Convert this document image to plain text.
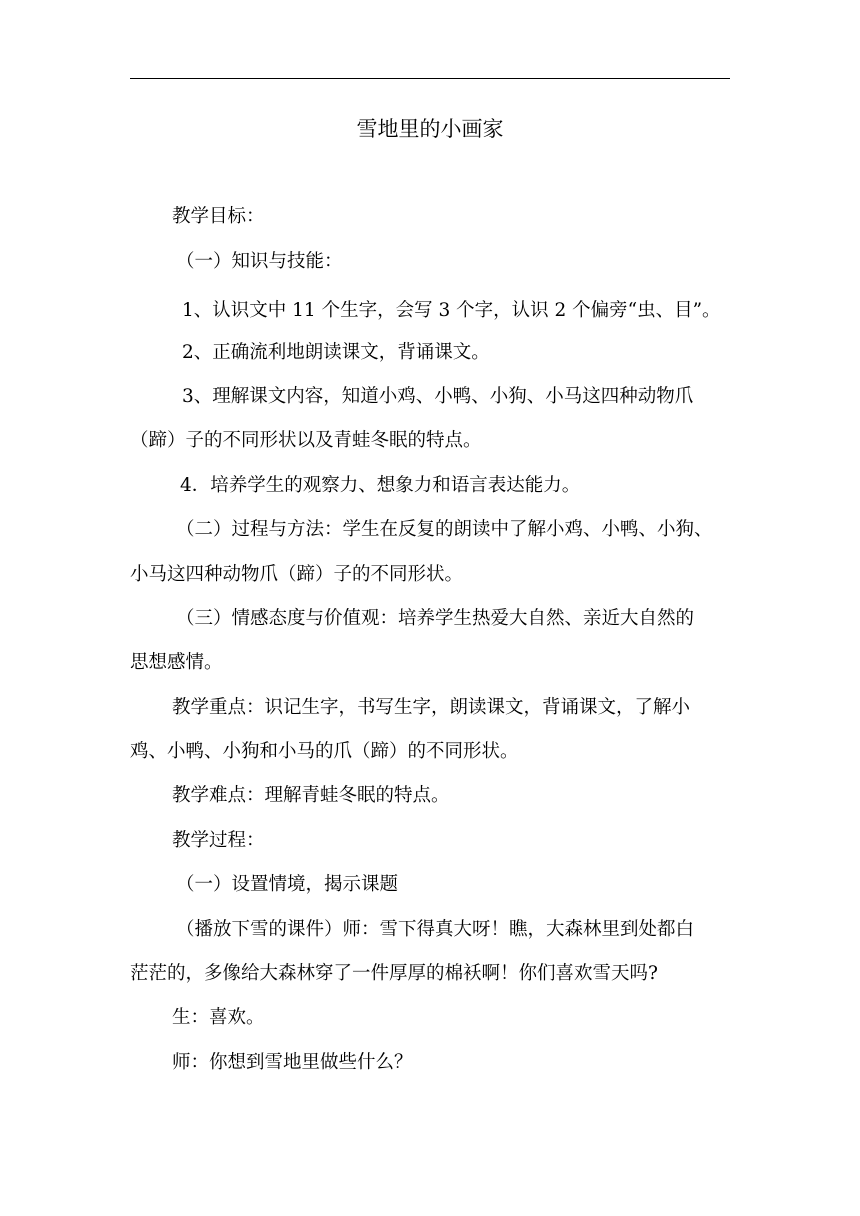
雪地里的小画家
教学目标：
（一）知识与技能：
1、认识文中 11 个生字，会写 3 个字，认识 2 个偏旁“虫、目”。
2、正确流利地朗读课文，背诵课文。
3、理解课文内容，知道小鸡、小鸭、小狗、小马这四种动物爪
（蹄）子的不同形状以及青蛙冬眠的特点。
4．培养学生的观察力、想象力和语言表达能力。
（二）过程与方法：学生在反复的朗读中了解小鸡、小鸭、小狗、
小马这四种动物爪（蹄）子的不同形状。
（三）情感态度与价值观：培养学生热爱大自然、亲近大自然的
思想感情。
教学重点：识记生字，书写生字，朗读课文，背诵课文，了解小
鸡、小鸭、小狗和小马的爪（蹄）的不同形状。
教学难点：理解青蛙冬眠的特点。
教学过程：
（一）设置情境，揭示课题
（播放下雪的课件）师：雪下得真大呀！瞧，大森林里到处都白
茫茫的，多像给大森林穿了一件厚厚的棉袄啊！你们喜欢雪天吗?
生：喜欢。
师：你想到雪地里做些什么？
